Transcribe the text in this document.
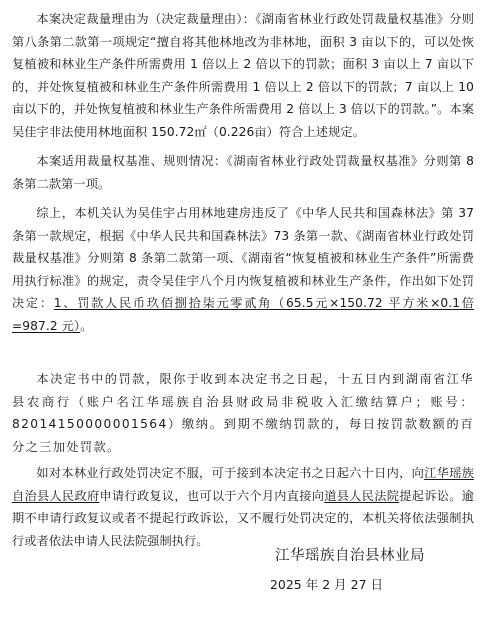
本案决定裁量理由为（决定裁量理由）：《湖南省林业行政处罚裁量权基准》分则第八条第二款第一项规定“擅自将其他林地改为非林地，面积 3 亩以下的，可以处恢复植被和林业生产条件所需费用 1 倍以上 2 倍以下的罚款；面积 3 亩以上 7 亩以下的，并处恢复植被和林业生产条件所需费用 1 倍以上 2 倍以下的罚款；7 亩以上 10 亩以下的，并处恢复植被和林业生产条件所需费用 2 倍以上 3 倍以下的罚款。”。本案吴佳宇非法使用林地面积 150.72㎡（0.226亩）符合上述规定。

本案适用裁量权基准、规则情况：《湖南省林业行政处罚裁量权基准》分则第 8 条第二款第一项。

综上，本机关认为吴佳宇占用林地建房违反了《中华人民共和国森林法》第 37 条第一款规定，根据《中华人民共和国森林法》73 条第一款、《湖南省林业行政处罚裁量权基准》分则第 8 条第二款第一项、《湖南省“恢复植被和林业生产条件”所需费用执行标准》的规定，责令吴佳宇八个月内恢复植被和林业生产条件，作出如下处罚决定：1、罚款人民币玖佰捌拾柒元零贰角（65.5元×150.72 平方米×0.1倍=987.2 元）。

本决定书中的罚款，限你于收到本决定书之日起，十五日内到湖南省江华县农商行（账户名江华瑶族自治县财政局非税收入汇缴结算户；账号：82014150000001564）缴纳。到期不缴纳罚款的，每日按罚款数额的百分之三加处罚款。

如对本林业行政处罚决定不服，可于接到本决定书之日起六十日内，向江华瑶族自治县人民政府申请行政复议，也可以于六个月内直接向道县人民法院提起诉讼。逾期不申请行政复议或者不提起行政诉讼，又不履行处罚决定的，本机关将依法强制执行或者依法申请人民法院强制执行。

江华瑶族自治县林业局
2025 年 2 月 27 日
